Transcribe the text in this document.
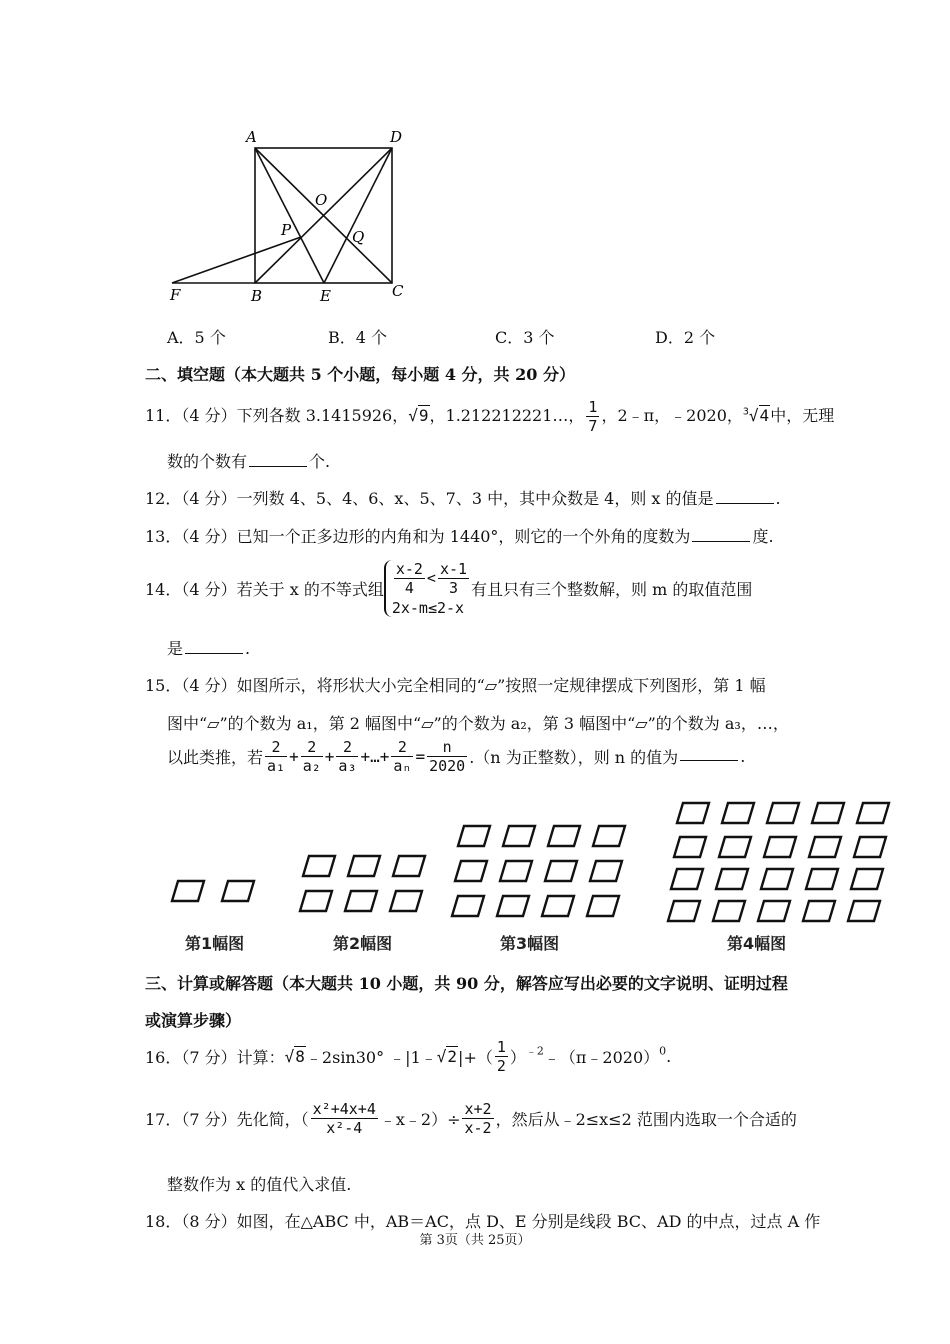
A	D
O
P	Q
F	B	E	C
A．5 个	B．4 个	C．3 个	D．2 个
二、填空题（本大题共 5 个小题，每小题 4 分，共 20 分）
11．（4 分）下列各数 3.1415926，√9，1.212212221…， $\frac{1}{7}$ ，2﹣π，﹣2020，$^3$√4中，无理
数的个数有	个.
12．（4 分）一列数 4、5、4、6、x、5、7、3 中，其中众数是 4，则 x 的值是	.
13．（4 分）已知一个正多边形的内角和为 1440°，则它的一个外角的度数为	度.
14．（4 分）若关于 x 的不等式组 $\frac{x-2}{4} < \frac{x-1}{3}$
2x-m≤2-x
有且只有三个整数解，则 m 的取值范围
是	.
15．（4 分）如图所示，将形状大小完全相同的“▱”按照一定规律摆成下列图形，第 1 幅
图中“▱”的个数为 a₁，第 2 幅图中“▱”的个数为 a₂，第 3 幅图中“▱”的个数为 a₃，…，
以此类推，若 $\frac{2}{\text{a₁}} + \frac{2}{\text{a₂}} + \frac{2}{\text{a₃}}$ +…+ $\frac{2}{\text{aₙ}} = \frac{n}{2020} .(n$ 为正整数），则 n 的值为	.
第1幅图	第2幅图	第3幅图	第4幅图
三、计算或解答题（本大题共 10 小题，共 90 分，解答应写出必要的文字说明、证明过程
或演算步骤）
16．（7 分）计算：√8﹣2sin30° ﹣|1﹣√2|+（ $\frac{1}{2}$ ）$^{﹣2}$﹣（π﹣2020）$^0$.
17．（7 分）先化简，（ $\frac{\text{x²+4x+4}}{\text{x²-4}}$ ﹣x﹣2）÷ $\frac{x+2}{x-2}$ ，然后从﹣2≤x≤2 范围内选取一个合适的
整数作为 x 的值代入求值.
18．（8 分）如图，在△ABC 中，AB＝AC，点 D、E 分别是线段 BC、AD 的中点，过点 A 作
第 3页（共 25页）
